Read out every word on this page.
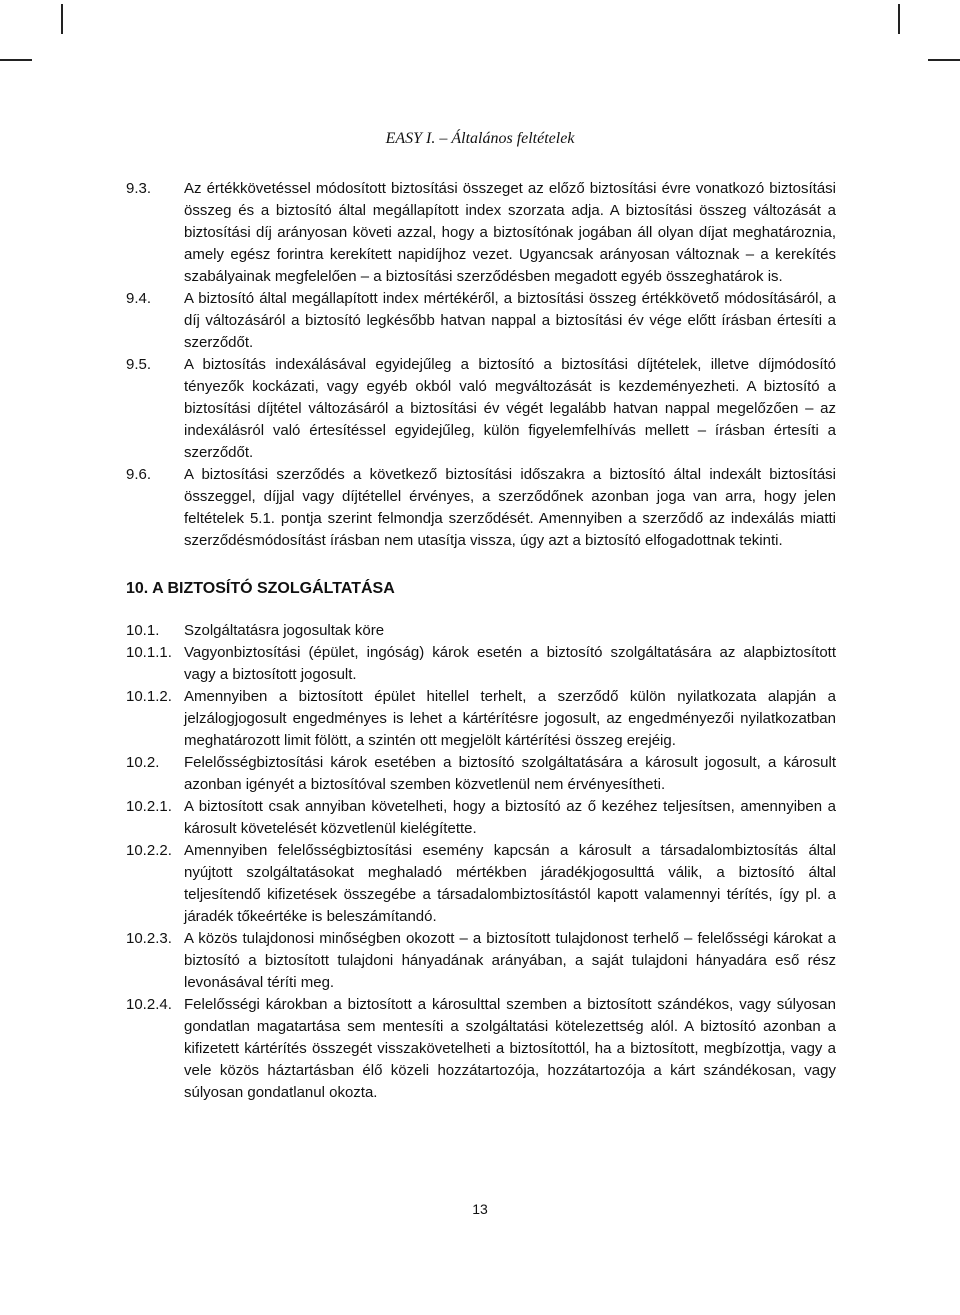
EASY I. – Általános feltételek
9.3.	Az értékkövetéssel módosított biztosítási összeget az előző biztosítási évre vonatkozó biztosítási összeg és a biztosító által megállapított index szorzata adja. A biztosítási összeg változását a biztosítási díj arányosan követi azzal, hogy a biztosítónak jogában áll olyan díjat meghatároznia, amely egész forintra kerekített napidíjhoz vezet. Ugyancsak arányosan változnak – a kerekítés szabályainak megfelelően – a biztosítási szerződésben megadott egyéb összeghatárok is.
9.4.	A biztosító által megállapított index mértékéről, a biztosítási összeg értékkövető módosításáról, a díj változásáról a biztosító legkésőbb hatvan nappal a biztosítási év vége előtt írásban értesíti a szerződőt.
9.5.	A biztosítás indexálásával egyidejűleg a biztosító a biztosítási díjtételek, illetve díjmódosító tényezők kockázati, vagy egyéb okból való megváltozását is kezdeményezheti. A biztosító a biztosítási díjtétel változásáról a biztosítási év végét legalább hatvan nappal megelőzően – az indexálásról való értesítéssel egyidejűleg, külön figyelemfelhívás mellett – írásban értesíti a szerződőt.
9.6.	A biztosítási szerződés a következő biztosítási időszakra a biztosító által indexált biztosítási összeggel, díjjal vagy díjtétellel érvényes, a szerződőnek azonban joga van arra, hogy jelen feltételek 5.1. pontja szerint felmondja szerződését. Amennyiben a szerződő az indexálás miatti szerződésmódosítást írásban nem utasítja vissza, úgy azt a biztosító elfogadottnak tekinti.
10. A BIZTOSÍTÓ SZOLGÁLTATÁSA
10.1.	Szolgáltatásra jogosultak köre
10.1.1. Vagyonbiztosítási (épület, ingóság) károk esetén a biztosító szolgáltatására az alapbiztosított vagy a biztosított jogosult.
10.1.2. Amennyiben a biztosított épület hitellel terhelt, a szerződő külön nyilatkozata alapján a jelzálogjogosult engedményes is lehet a kártérítésre jogosult, az engedményezői nyilatkozatban meghatározott limit fölött, a szintén ott megjelölt kártérítési összeg erejéig.
10.2.	Felelősségbiztosítási károk esetében a biztosító szolgáltatására a károsult jogosult, a károsult azonban igényét a biztosítóval szemben közvetlenül nem érvényesítheti.
10.2.1. A biztosított csak annyiban követelheti, hogy a biztosító az ő kezéhez teljesítsen, amennyiben a károsult követelését közvetlenül kielégítette.
10.2.2. Amennyiben felelősségbiztosítási esemény kapcsán a károsult a társadalombiztosítás által nyújtott szolgáltatásokat meghaladó mértékben járadékjogosulttá válik, a biztosító által teljesítendő kifizetések összegébe a társadalombiztosítástól kapott valamennyi térítés, így pl. a járadék tőkeértéke is beleszámítandó.
10.2.3. A közös tulajdonosi minőségben okozott – a biztosított tulajdonost terhelő – felelősségi károkat a biztosító a biztosított tulajdoni hányadának arányában, a saját tulajdoni hányadára eső rész levonásával téríti meg.
10.2.4. Felelősségi károkban a biztosított a károsulttal szemben a biztosított szándékos, vagy súlyosan gondatlan magatartása sem mentesíti a szolgáltatási kötelezettség alól. A biztosító azonban a kifizetett kártérítés összegét visszakövetelheti a biztosítottól, ha a biztosított, megbízottja, vagy a vele közös háztartásban élő közeli hozzátartozója, hozzátartozója a kárt szándékosan, vagy súlyosan gondatlanul okozta.
13
